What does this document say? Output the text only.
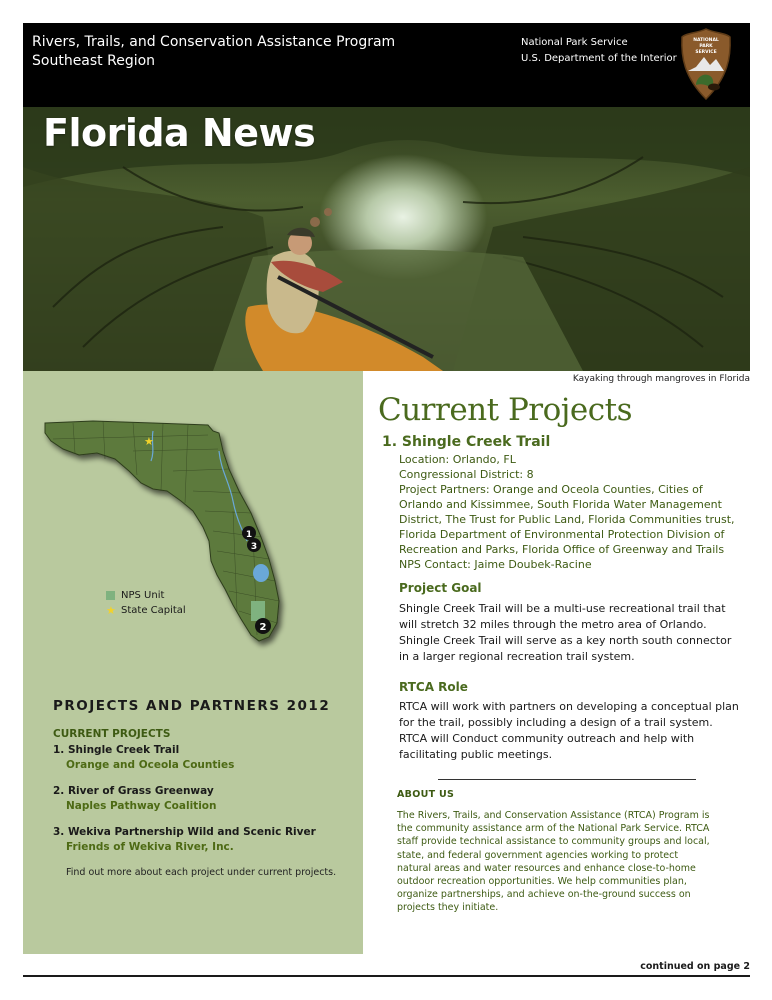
Rivers, Trails, and Conservation Assistance Program
Southeast Region
National Park Service
U.S. Department of the Interior
NATIONAL
PARK
SERVICE
Florida News
Kayaking through mangroves in Florida
★
1
3
2
NPS Unit
★ State Capital
PROJECTS AND PARTNERS 2012
CURRENT PROJECTS
1. Shingle Creek Trail
Orange and Oceola Counties
2. River of Grass Greenway
Naples Pathway Coalition
3. Wekiva Partnership Wild and Scenic River
Friends of Wekiva River, Inc.
Find out more about each project under current projects.
Current Projects
1. Shingle Creek Trail
Location: Orlando, FL
Congressional District: 8
Project Partners: Orange and Oceola Counties, Cities of Orlando and Kissimmee, South Florida Water Management District, The Trust for Public Land, Florida Communities trust, Florida Department of Environmental Protection Division of Recreation and Parks, Florida Office of Greenway and Trails
NPS Contact: Jaime Doubek-Racine
Project Goal
Shingle Creek Trail will be a multi-use recreational trail that will stretch 32 miles through the metro area of Orlando. Shingle Creek Trail will serve as a key north south connector in a larger regional recreation trail system.
RTCA Role
RTCA will work with partners on developing a conceptual plan for the trail, possibly including a design of a trail system. RTCA will Conduct community outreach and help with facilitating public meetings.
ABOUT US
The Rivers, Trails, and Conservation Assistance (RTCA) Program is the community assistance arm of the National Park Service. RTCA staff provide technical assistance to community groups and local, state, and federal government agencies working to protect natural areas and water resources and enhance close-to-home outdoor recreation opportunities. We help communities plan, organize partnerships, and achieve on-the-ground success on projects they initiate.
continued on page 2
